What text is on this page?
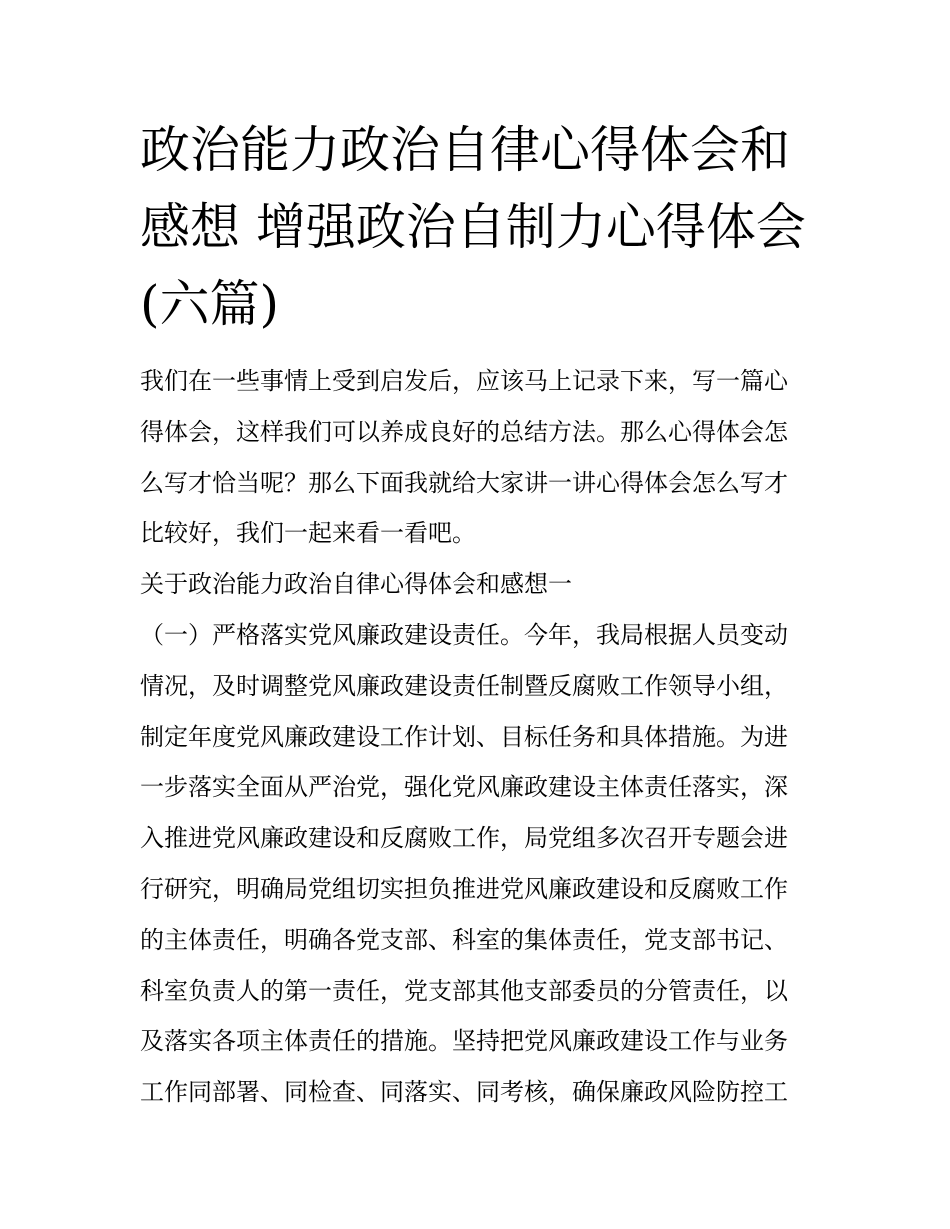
政治能力政治自律心得体会和
感想 增强政治自制力心得体会
(六篇)
我们在一些事情上受到启发后，应该马上记录下来，写一篇心
得体会，这样我们可以养成良好的总结方法。那么心得体会怎
么写才恰当呢？那么下面我就给大家讲一讲心得体会怎么写才
比较好，我们一起来看一看吧。
关于政治能力政治自律心得体会和感想一
（一）严格落实党风廉政建设责任。今年，我局根据人员变动
情况，及时调整党风廉政建设责任制暨反腐败工作领导小组，
制定年度党风廉政建设工作计划、目标任务和具体措施。为进
一步落实全面从严治党，强化党风廉政建设主体责任落实，深
入推进党风廉政建设和反腐败工作，局党组多次召开专题会进
行研究，明确局党组切实担负推进党风廉政建设和反腐败工作
的主体责任，明确各党支部、科室的集体责任，党支部书记、
科室负责人的第一责任，党支部其他支部委员的分管责任，以
及落实各项主体责任的措施。坚持把党风廉政建设工作与业务
工作同部署、同检查、同落实、同考核，确保廉政风险防控工
